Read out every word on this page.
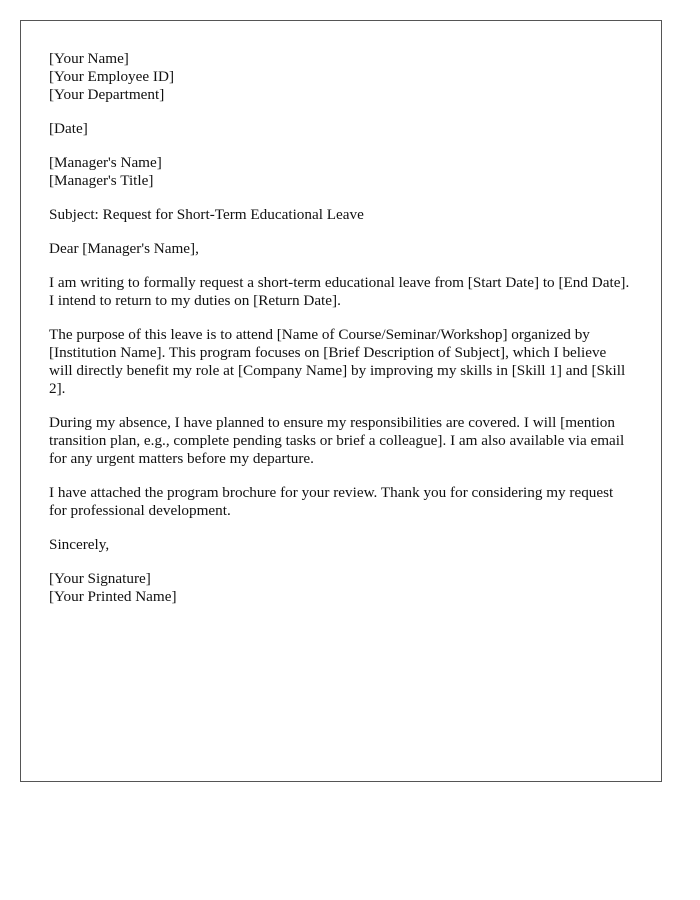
[Your Name]
[Your Employee ID]
[Your Department]
[Date]
[Manager's Name]
[Manager's Title]
Subject: Request for Short-Term Educational Leave
Dear [Manager's Name],

I am writing to formally request a short-term educational leave from [Start Date] to [End Date]. I intend to return to my duties on [Return Date].

The purpose of this leave is to attend [Name of Course/Seminar/Workshop] organized by [Institution Name]. This program focuses on [Brief Description of Subject], which I believe will directly benefit my role at [Company Name] by improving my skills in [Skill 1] and [Skill 2].

During my absence, I have planned to ensure my responsibilities are covered. I will [mention transition plan, e.g., complete pending tasks or brief a colleague]. I am also available via email for any urgent matters before my departure.

I have attached the program brochure for your review. Thank you for considering my request for professional development.

Sincerely,
[Your Signature]
[Your Printed Name]
